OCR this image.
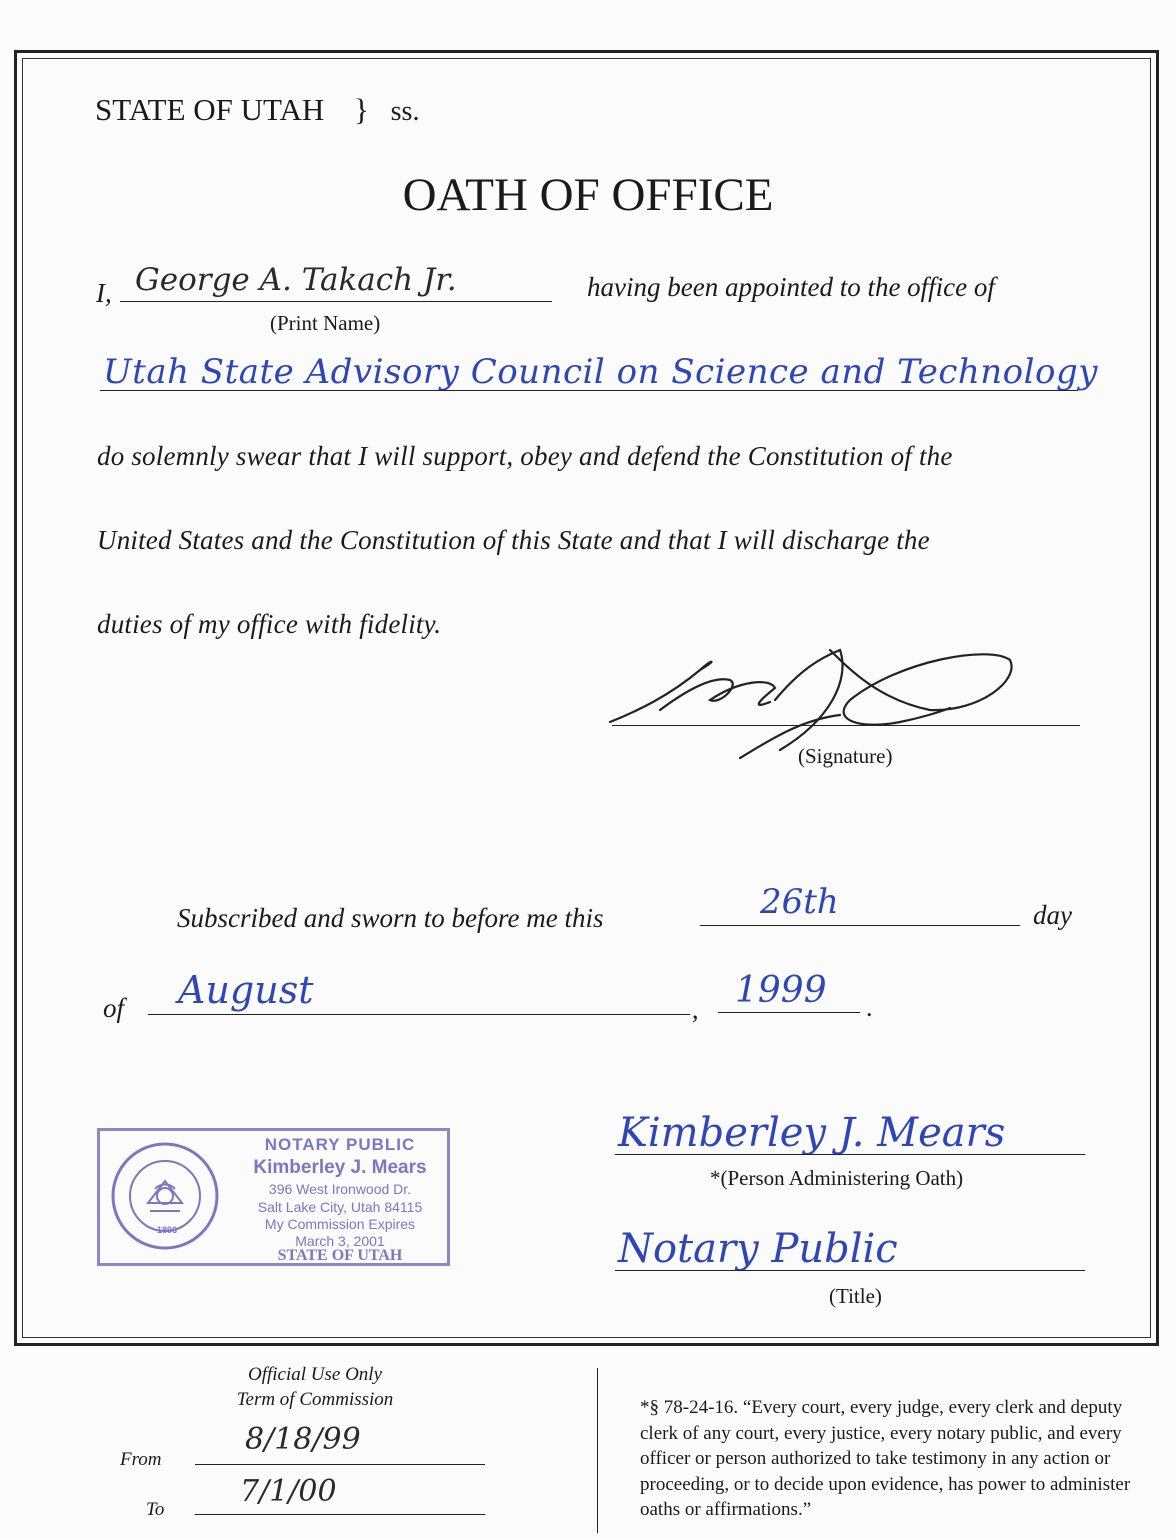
STATE OF UTAH } ss.
OATH OF OFFICE
I, George A. Takach Jr.	having been appointed to the office of
(Print Name)
Utah State Advisory Council on Science and Technology
do solemnly swear that I will support, obey and defend the Constitution of the
United States and the Constitution of this State and that I will discharge the
duties of my office with fidelity.
(Signature)
Subscribed and sworn to before me this	26th	day
of August	, 1999 .
1896
NOTARY PUBLIC
Kimberley J. Mears
396 West Ironwood Dr.
Salt Lake City, Utah 84115
My Commission Expires
March 3, 2001
STATE OF UTAH
Kimberley J. Mears
*(Person Administering Oath)
Notary Public
(Title)
Official Use Only
Term of Commission
From
8/18/99
To
7/1/00
*§ 78-24-16. “Every court, every judge, every clerk and deputy clerk of any court, every justice, every notary public, and every officer or person authorized to take testimony in any action or proceeding, or to decide upon evidence, has power to administer oaths or affirmations.”
